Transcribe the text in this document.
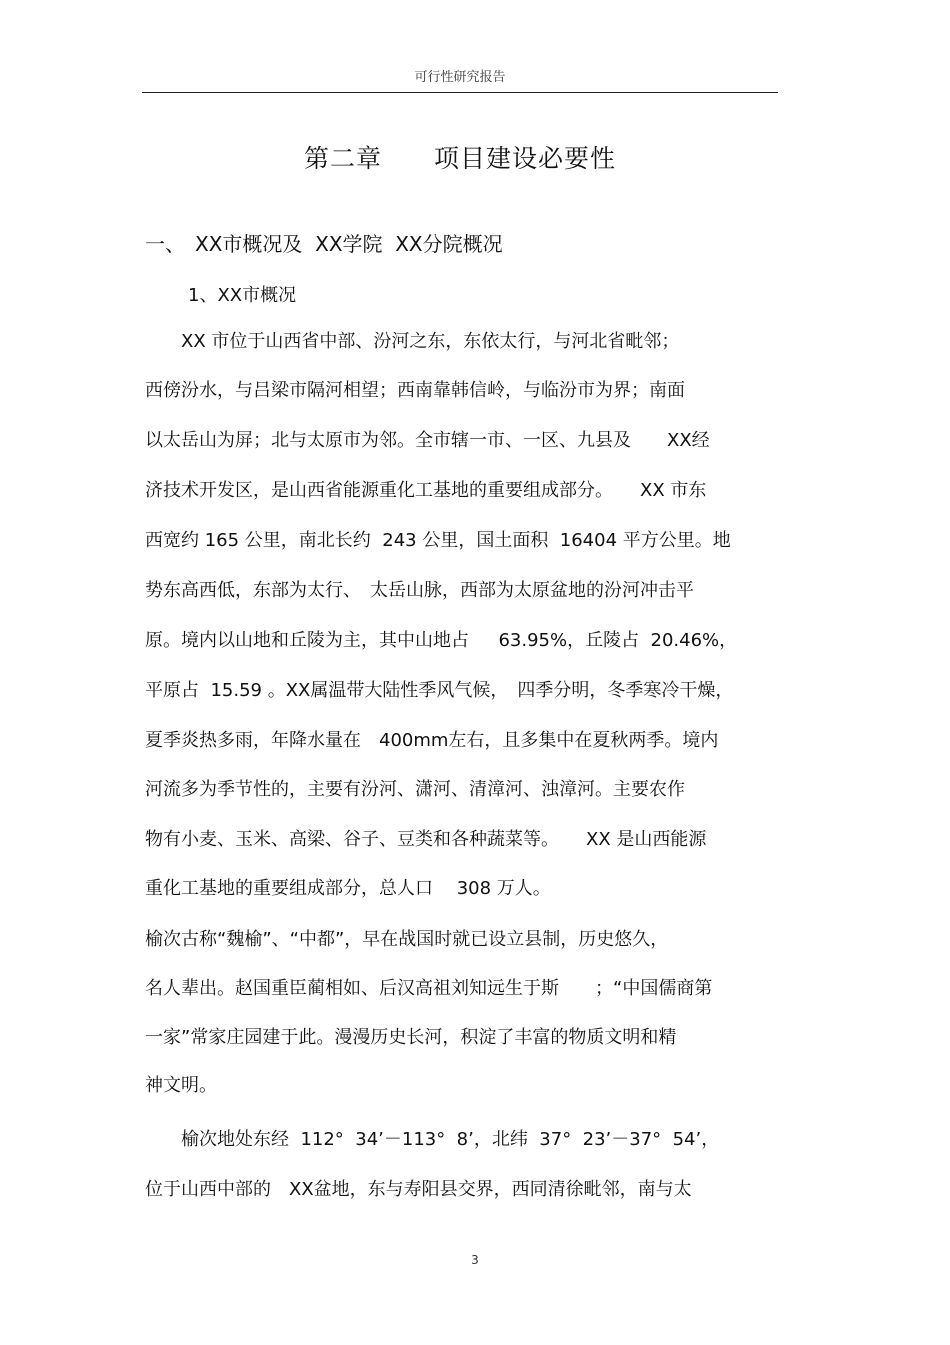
可行性研究报告
第二章　　项目建设必要性
一、　XX市概况及  XX学院  XX分院概况
1、XX市概况
　　XX 市位于山西省中部、汾河之东，东依太行，与河北省毗邻；
西傍汾水，与吕梁市隔河相望；西南靠韩信岭，与临汾市为界；南面
以太岳山为屏；北与太原市为邻。全市辖一市、一区、九县及　　XX经
济技术开发区，是山西省能源重化工基地的重要组成部分。　　XX 市东
西宽约 165 公里，南北长约  243 公里，国土面积  16404 平方公里。地
势东高西低，东部为太行、　太岳山脉，西部为太原盆地的汾河冲击平
原。境内以山地和丘陵为主，其中山地占　  63.95%，丘陵占  20.46%，
平原占  15.59 。XX属温带大陆性季风气候，　四季分明，冬季寒冷干燥，
夏季炎热多雨，年降水量在　400mm左右，且多集中在夏秋两季。境内
河流多为季节性的，主要有汾河、潇河、清漳河、浊漳河。主要农作
物有小麦、玉米、高梁、谷子、豆类和各种蔬菜等。　　XX 是山西能源
重化工基地的重要组成部分，总人口　 308 万人。
榆次古称“魏榆”、“中都”，早在战国时就已设立县制，历史悠久，
名人辈出。赵国重臣蔺相如、后汉高祖刘知远生于斯　　；“中国儒商第
一家”常家庄园建于此。漫漫历史长河，积淀了丰富的物质文明和精
神文明。
　　榆次地处东经  112°  34’－113°  8’，北纬  37°  23’－37°  54’，
位于山西中部的　XX盆地，东与寿阳县交界，西同清徐毗邻，南与太
3
